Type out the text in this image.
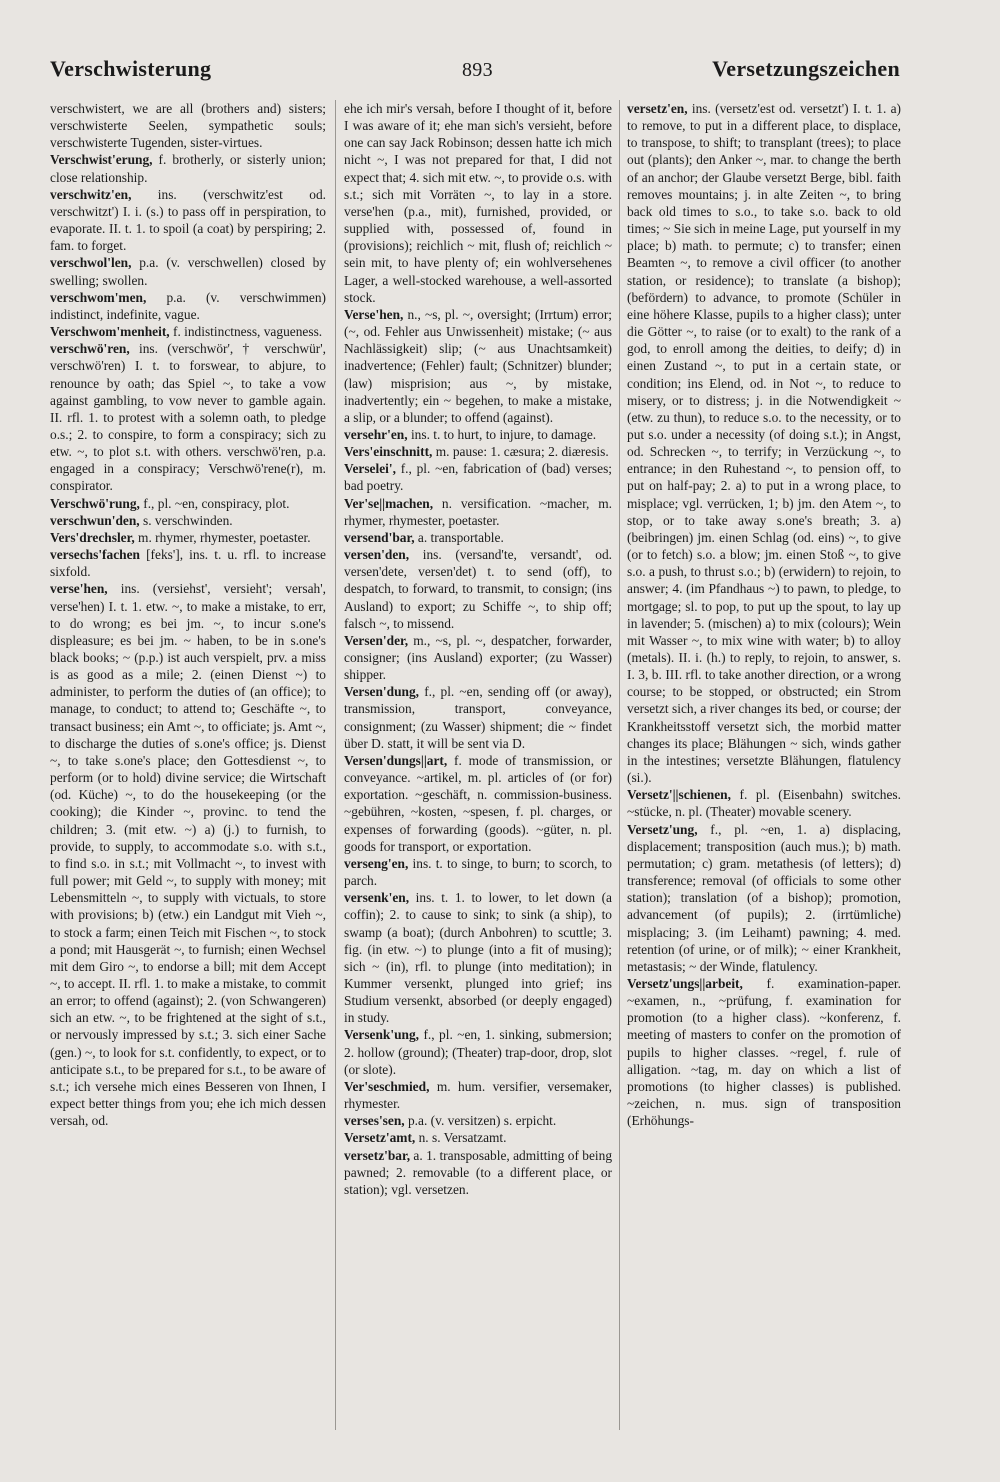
Verschwisterung	893	Versetzungszeichen

verschwistert, we are all (brothers and) sisters; verschwisterte Seelen, sympathetic souls; verschwisterte Tugenden, sister-virtues.

Verschwist'erung, f. brotherly, or sisterly union; close relationship.

verschwitz'en, ins. (verschwitz'est od. verschwitzt') I. i. (s.) to pass off in perspiration, to evaporate. II. t. 1. to spoil (a coat) by perspiring; 2. fam. to forget.

verschwol'len, p.a. (v. verschwellen) closed by swelling; swollen.

verschwom'men, p.a. (v. verschwimmen) indistinct, indefinite, vague.

Verschwom'menheit, f. indistinctness, vagueness.

verschwö'ren, ins. (verschwör', † verschwür', verschwö'ren) I. t. to forswear, to abjure, to renounce by oath; das Spiel ~, to take a vow against gambling, to vow never to gamble again. II. rfl. 1. to protest with a solemn oath, to pledge o.s.; 2. to conspire, to form a conspiracy; sich zu etw. ~, to plot s.t. with others. verschwö'ren, p.a. engaged in a conspiracy; Verschwö'rene(r), m. conspirator.

Verschwö'rung, f., pl. ~en, conspiracy, plot.

verschwun'den, s. verschwinden.

Vers'drechsler, m. rhymer, rhymester, poetaster.

versechs'fachen [feks'], ins. t. u. rfl. to increase sixfold.

verse'hen, ins. (versiehst', versieht'; versah', verse'hen) I. t. 1. etw. ~, to make a mistake, to err, to do wrong; es bei jm. ~, to incur s.one's displeasure; es bei jm. ~ haben, to be in s.one's black books; ~ (p.p.) ist auch verspielt, prv. a miss is as good as a mile; 2. (einen Dienst ~) to administer, to perform the duties of (an office); to manage, to conduct; to attend to; Geschäfte ~, to transact business; ein Amt ~, to officiate; js. Amt ~, to discharge the duties of s.one's office; js. Dienst ~, to take s.one's place; den Gottesdienst ~, to perform (or to hold) divine service; die Wirtschaft (od. Küche) ~, to do the housekeeping (or the cooking); die Kinder ~, provinc. to tend the children; 3. (mit etw. ~) a) (j.) to furnish, to provide, to supply, to accommodate s.o. with s.t., to find s.o. in s.t.; mit Vollmacht ~, to invest with full power; mit Geld ~, to supply with money; mit Lebensmitteln ~, to supply with victuals, to store with provisions; b) (etw.) ein Landgut mit Vieh ~, to stock a farm; einen Teich mit Fischen ~, to stock a pond; mit Hausgerät ~, to furnish; einen Wechsel mit dem Giro ~, to endorse a bill; mit dem Accept ~, to accept. II. rfl. 1. to make a mistake, to commit an error; to offend (against); 2. (von Schwangeren) sich an etw. ~, to be frightened at the sight of s.t., or nervously impressed by s.t.; 3. sich einer Sache (gen.) ~, to look for s.t. confidently, to expect, or to anticipate s.t., to be prepared for s.t., to be aware of s.t.; ich versehe mich eines Besseren von Ihnen, I expect better things from you; ehe ich mich dessen versah, od.

ehe ich mir's versah, before I thought of it, before I was aware of it; ehe man sich's versieht, before one can say Jack Robinson; dessen hatte ich mich nicht ~, I was not prepared for that, I did not expect that; 4. sich mit etw. ~, to provide o.s. with s.t.; sich mit Vorräten ~, to lay in a store. verse'hen (p.a., mit), furnished, provided, or supplied with, possessed of, found in (provisions); reichlich ~ mit, flush of; reichlich ~ sein mit, to have plenty of; ein wohlversehenes Lager, a well-stocked warehouse, a well-assorted stock.

Verse'hen, n., ~s, pl. ~, oversight; (Irrtum) error; (~, od. Fehler aus Unwissenheit) mistake; (~ aus Nachlässigkeit) slip; (~ aus Unachtsamkeit) inadvertence; (Fehler) fault; (Schnitzer) blunder; (law) misprision; aus ~, by mistake, inadvertently; ein ~ begehen, to make a mistake, a slip, or a blunder; to offend (against).

versehr'en, ins. t. to hurt, to injure, to damage.

Vers'einschnitt, m. pause: 1. cæsura; 2. diæresis.

Verselei', f., pl. ~en, fabrication of (bad) verses; bad poetry.

Ver'se||machen, n. versification. ~macher, m. rhymer, rhymester, poetaster.

versend'bar, a. transportable.

versen'den, ins. (versand'te, versandt', od. versen'dete, versen'det) t. to send (off), to despatch, to forward, to transmit, to consign; (ins Ausland) to export; zu Schiffe ~, to ship off; falsch ~, to missend.

Versen'der, m., ~s, pl. ~, despatcher, forwarder, consigner; (ins Ausland) exporter; (zu Wasser) shipper.

Versen'dung, f., pl. ~en, sending off (or away), transmission, transport, conveyance, consignment; (zu Wasser) shipment; die ~ findet über D. statt, it will be sent via D.

Versen'dungs||art, f. mode of transmission, or conveyance. ~artikel, m. pl. articles of (or for) exportation. ~geschäft, n. commission-business. ~gebühren, ~kosten, ~spesen, f. pl. charges, or expenses of forwarding (goods). ~güter, n. pl. goods for transport, or exportation.

verseng'en, ins. t. to singe, to burn; to scorch, to parch.

versenk'en, ins. t. 1. to lower, to let down (a coffin); 2. to cause to sink; to sink (a ship), to swamp (a boat); (durch Anbohren) to scuttle; 3. fig. (in etw. ~) to plunge (into a fit of musing); sich ~ (in), rfl. to plunge (into meditation); in Kummer versenkt, plunged into grief; ins Studium versenkt, absorbed (or deeply engaged) in study.

Versenk'ung, f., pl. ~en, 1. sinking, submersion; 2. hollow (ground); (Theater) trap-door, drop, slot (or slote).

Ver'seschmied, m. hum. versifier, versemaker, rhymester.

verses'sen, p.a. (v. versitzen) s. erpicht.

Versetz'amt, n. s. Versatzamt.

versetz'bar, a. 1. transposable, admitting of being pawned; 2. removable (to a different place, or station); vgl. versetzen.

versetz'en, ins. (versetz'est od. versetzt') I. t. 1. a) to remove, to put in a different place, to displace, to transpose, to shift; to transplant (trees); to place out (plants); den Anker ~, mar. to change the berth of an anchor; der Glaube versetzt Berge, bibl. faith removes mountains; j. in alte Zeiten ~, to bring back old times to s.o., to take s.o. back to old times; ~ Sie sich in meine Lage, put yourself in my place; b) math. to permute; c) to transfer; einen Beamten ~, to remove a civil officer (to another station, or residence); to translate (a bishop); (befördern) to advance, to promote (Schüler in eine höhere Klasse, pupils to a higher class); unter die Götter ~, to raise (or to exalt) to the rank of a god, to enroll among the deities, to deify; d) in einen Zustand ~, to put in a certain state, or condition; ins Elend, od. in Not ~, to reduce to misery, or to distress; j. in die Notwendigkeit ~ (etw. zu thun), to reduce s.o. to the necessity, or to put s.o. under a necessity (of doing s.t.); in Angst, od. Schrecken ~, to terrify; in Verzückung ~, to entrance; in den Ruhestand ~, to pension off, to put on half-pay; 2. a) to put in a wrong place, to misplace; vgl. verrücken, 1; b) jm. den Atem ~, to stop, or to take away s.one's breath; 3. a) (beibringen) jm. einen Schlag (od. eins) ~, to give (or to fetch) s.o. a blow; jm. einen Stoß ~, to give s.o. a push, to thrust s.o.; b) (erwidern) to rejoin, to answer; 4. (im Pfandhaus ~) to pawn, to pledge, to mortgage; sl. to pop, to put up the spout, to lay up in lavender; 5. (mischen) a) to mix (colours); Wein mit Wasser ~, to mix wine with water; b) to alloy (metals). II. i. (h.) to reply, to rejoin, to answer, s. I. 3, b. III. rfl. to take another direction, or a wrong course; to be stopped, or obstructed; ein Strom versetzt sich, a river changes its bed, or course; der Krankheitsstoff versetzt sich, the morbid matter changes its place; Blähungen ~ sich, winds gather in the intestines; versetzte Blähungen, flatulency (si.).

Versetz'||schienen, f. pl. (Eisenbahn) switches. ~stücke, n. pl. (Theater) movable scenery.

Versetz'ung, f., pl. ~en, 1. a) displacing, displacement; transposition (auch mus.); b) math. permutation; c) gram. metathesis (of letters); d) transference; removal (of officials to some other station); translation (of a bishop); promotion, advancement (of pupils); 2. (irrtümliche) misplacing; 3. (im Leihamt) pawning; 4. med. retention (of urine, or of milk); ~ einer Krankheit, metastasis; ~ der Winde, flatulency.

Versetz'ungs||arbeit, f. examination-paper. ~examen, n., ~prüfung, f. examination for promotion (to a higher class). ~konferenz, f. meeting of masters to confer on the promotion of pupils to higher classes. ~regel, f. rule of alligation. ~tag, m. day on which a list of promotions (to higher classes) is published. ~zeichen, n. mus. sign of transposition (Erhöhungs-
